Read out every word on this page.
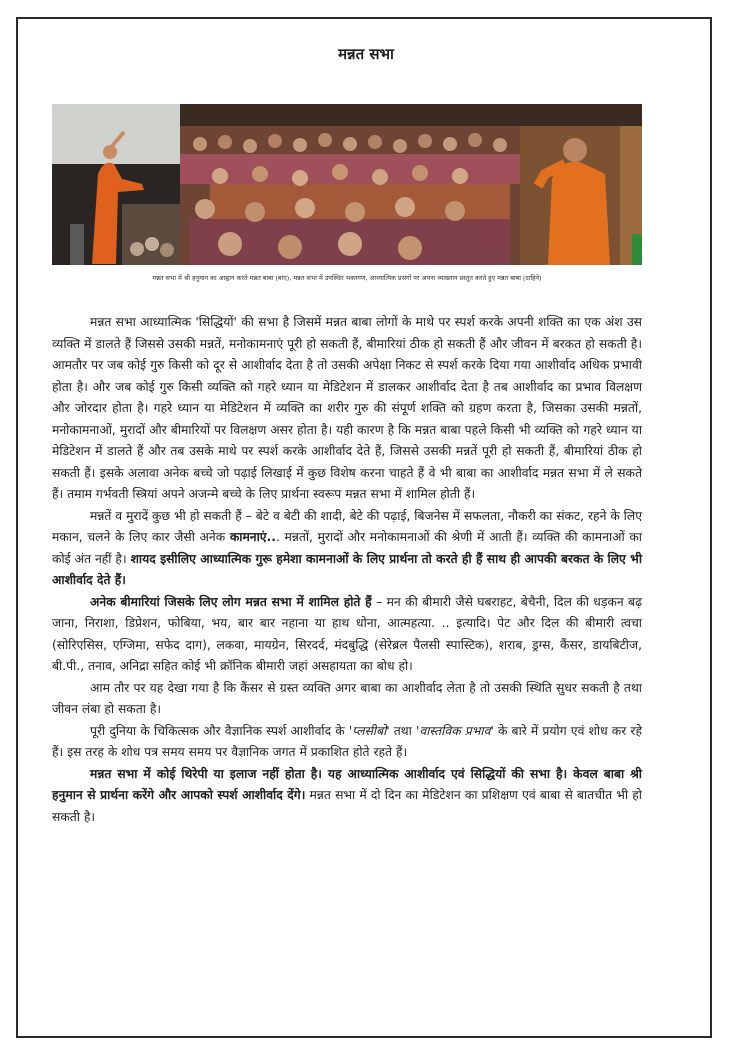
मन्नत सभा
मन्नत सभा में श्री हनुमान का आह्वान करते मन्नत बाबा (बांए), मन्नत सभा में उपस्थित भक्तगण, आध्यात्मिक प्रसंगों पर अपना व्याख्यान प्रस्तुत करते हुए मन्नत बाबा (दाहिने)

मन्नत सभा आध्यात्मिक 'सिद्धियों' की सभा है जिसमें मन्नत बाबा लोगों के माथे पर स्पर्श करके अपनी शक्ति का एक अंश उस व्यक्ति में डालते हैं जिससे उसकी मन्नतें, मनोकामनाएं पूरी हो सकती हैं, बीमारियां ठीक हो सकती हैं और जीवन में बरकत हो सकती है। आमतौर पर जब कोई गुरु किसी को दूर से आशीर्वाद देता है तो उसकी अपेक्षा निकट से स्पर्श करके दिया गया आशीर्वाद अधिक प्रभावी होता है। और जब कोई गुरु किसी व्यक्ति को गहरे ध्यान या मेडिटेशन में डालकर आशीर्वाद देता है तब आशीर्वाद का प्रभाव विलक्षण और जोरदार होता है। गहरे ध्यान या मेडिटेशन में व्यक्ति का शरीर गुरु की संपूर्ण शक्ति को ग्रहण करता है, जिसका उसकी मन्नतों, मनोकामनाओं, मुरादों और बीमारियों पर विलक्षण असर होता है। यही कारण है कि मन्नत बाबा पहले किसी भी व्यक्ति को गहरे ध्यान या मेडिटेशन में डालते हैं और तब उसके माथे पर स्पर्श करके आशीर्वाद देते हैं, जिससे उसकी मन्नतें पूरी हो सकती हैं, बीमारियां ठीक हो सकती हैं। इसके अलावा अनेक बच्चे जो पढ़ाई लिखाई में कुछ विशेष करना चाहते हैं वे भी बाबा का आशीर्वाद मन्नत सभा में ले सकते हैं। तमाम गर्भवती स्त्रियां अपने अजन्मे बच्चे के लिए प्रार्थना स्वरूप मन्नत सभा में शामिल होती हैं।

मन्नतें व मुरादें कुछ भी हो सकती हैं – बेटे व बेटी की शादी, बेटे की पढ़ाई, बिजनेस में सफलता, नौकरी का संकट, रहने के लिए मकान, चलने के लिए कार जैसी अनेक कामनाएं... मन्नतों, मुरादों और मनोकामनाओं की श्रेणी में आती हैं। व्यक्ति की कामनाओं का कोई अंत नहीं है। शायद इसीलिए आध्यात्मिक गुरू हमेशा कामनाओं के लिए प्रार्थना तो करते ही हैं साथ ही आपकी बरकत के लिए भी आशीर्वाद देते हैं।

अनेक बीमारियां जिसके लिए लोग मन्नत सभा में शामिल होते हैं – मन की बीमारी जैसे घबराहट, बेचैनी, दिल की धड़कन बढ़ जाना, निराशा, डिप्रेशन, फोबिया, भय, बार बार नहाना या हाथ धोना, आत्महत्या. .. इत्यादि। पेट और दिल की बीमारी त्वचा (सोरिएसिस, एग्जिमा, सफेद दाग), लकवा, मायग्रेन, सिरदर्द, मंदबुद्धि (सेरेब्रल पैलसी स्पास्टिक), शराब, ड्रग्स, कैंसर, डायबिटीज, बी.पी., तनाव, अनिद्रा सहित कोई भी क्रॉनिक बीमारी जहां असहायता का बोध हो।

आम तौर पर यह देखा गया है कि कैंसर से ग्रस्त व्यक्ति अगर बाबा का आशीर्वाद लेता है तो उसकी स्थिति सुधर सकती है तथा जीवन लंबा हो सकता है।

पूरी दुनिया के चिकित्सक और वैज्ञानिक स्पर्श आशीर्वाद के 'प्लसीबो' तथा 'वास्तविक प्रभाव' के बारे में प्रयोग एवं शोध कर रहे हैं। इस तरह के शोध पत्र समय समय पर वैज्ञानिक जगत में प्रकाशित होते रहते हैं।

मन्नत सभा में कोई थिरेपी या इलाज नहीं होता है। यह आध्यात्मिक आशीर्वाद एवं सिद्धियों की सभा है। केवल बाबा श्री हनुमान से प्रार्थना करेंगे और आपको स्पर्श आशीर्वाद देंगे। मन्नत सभा में दो दिन का मेडिटेशन का प्रशिक्षण एवं बाबा से बातचीत भी हो सकती है।
